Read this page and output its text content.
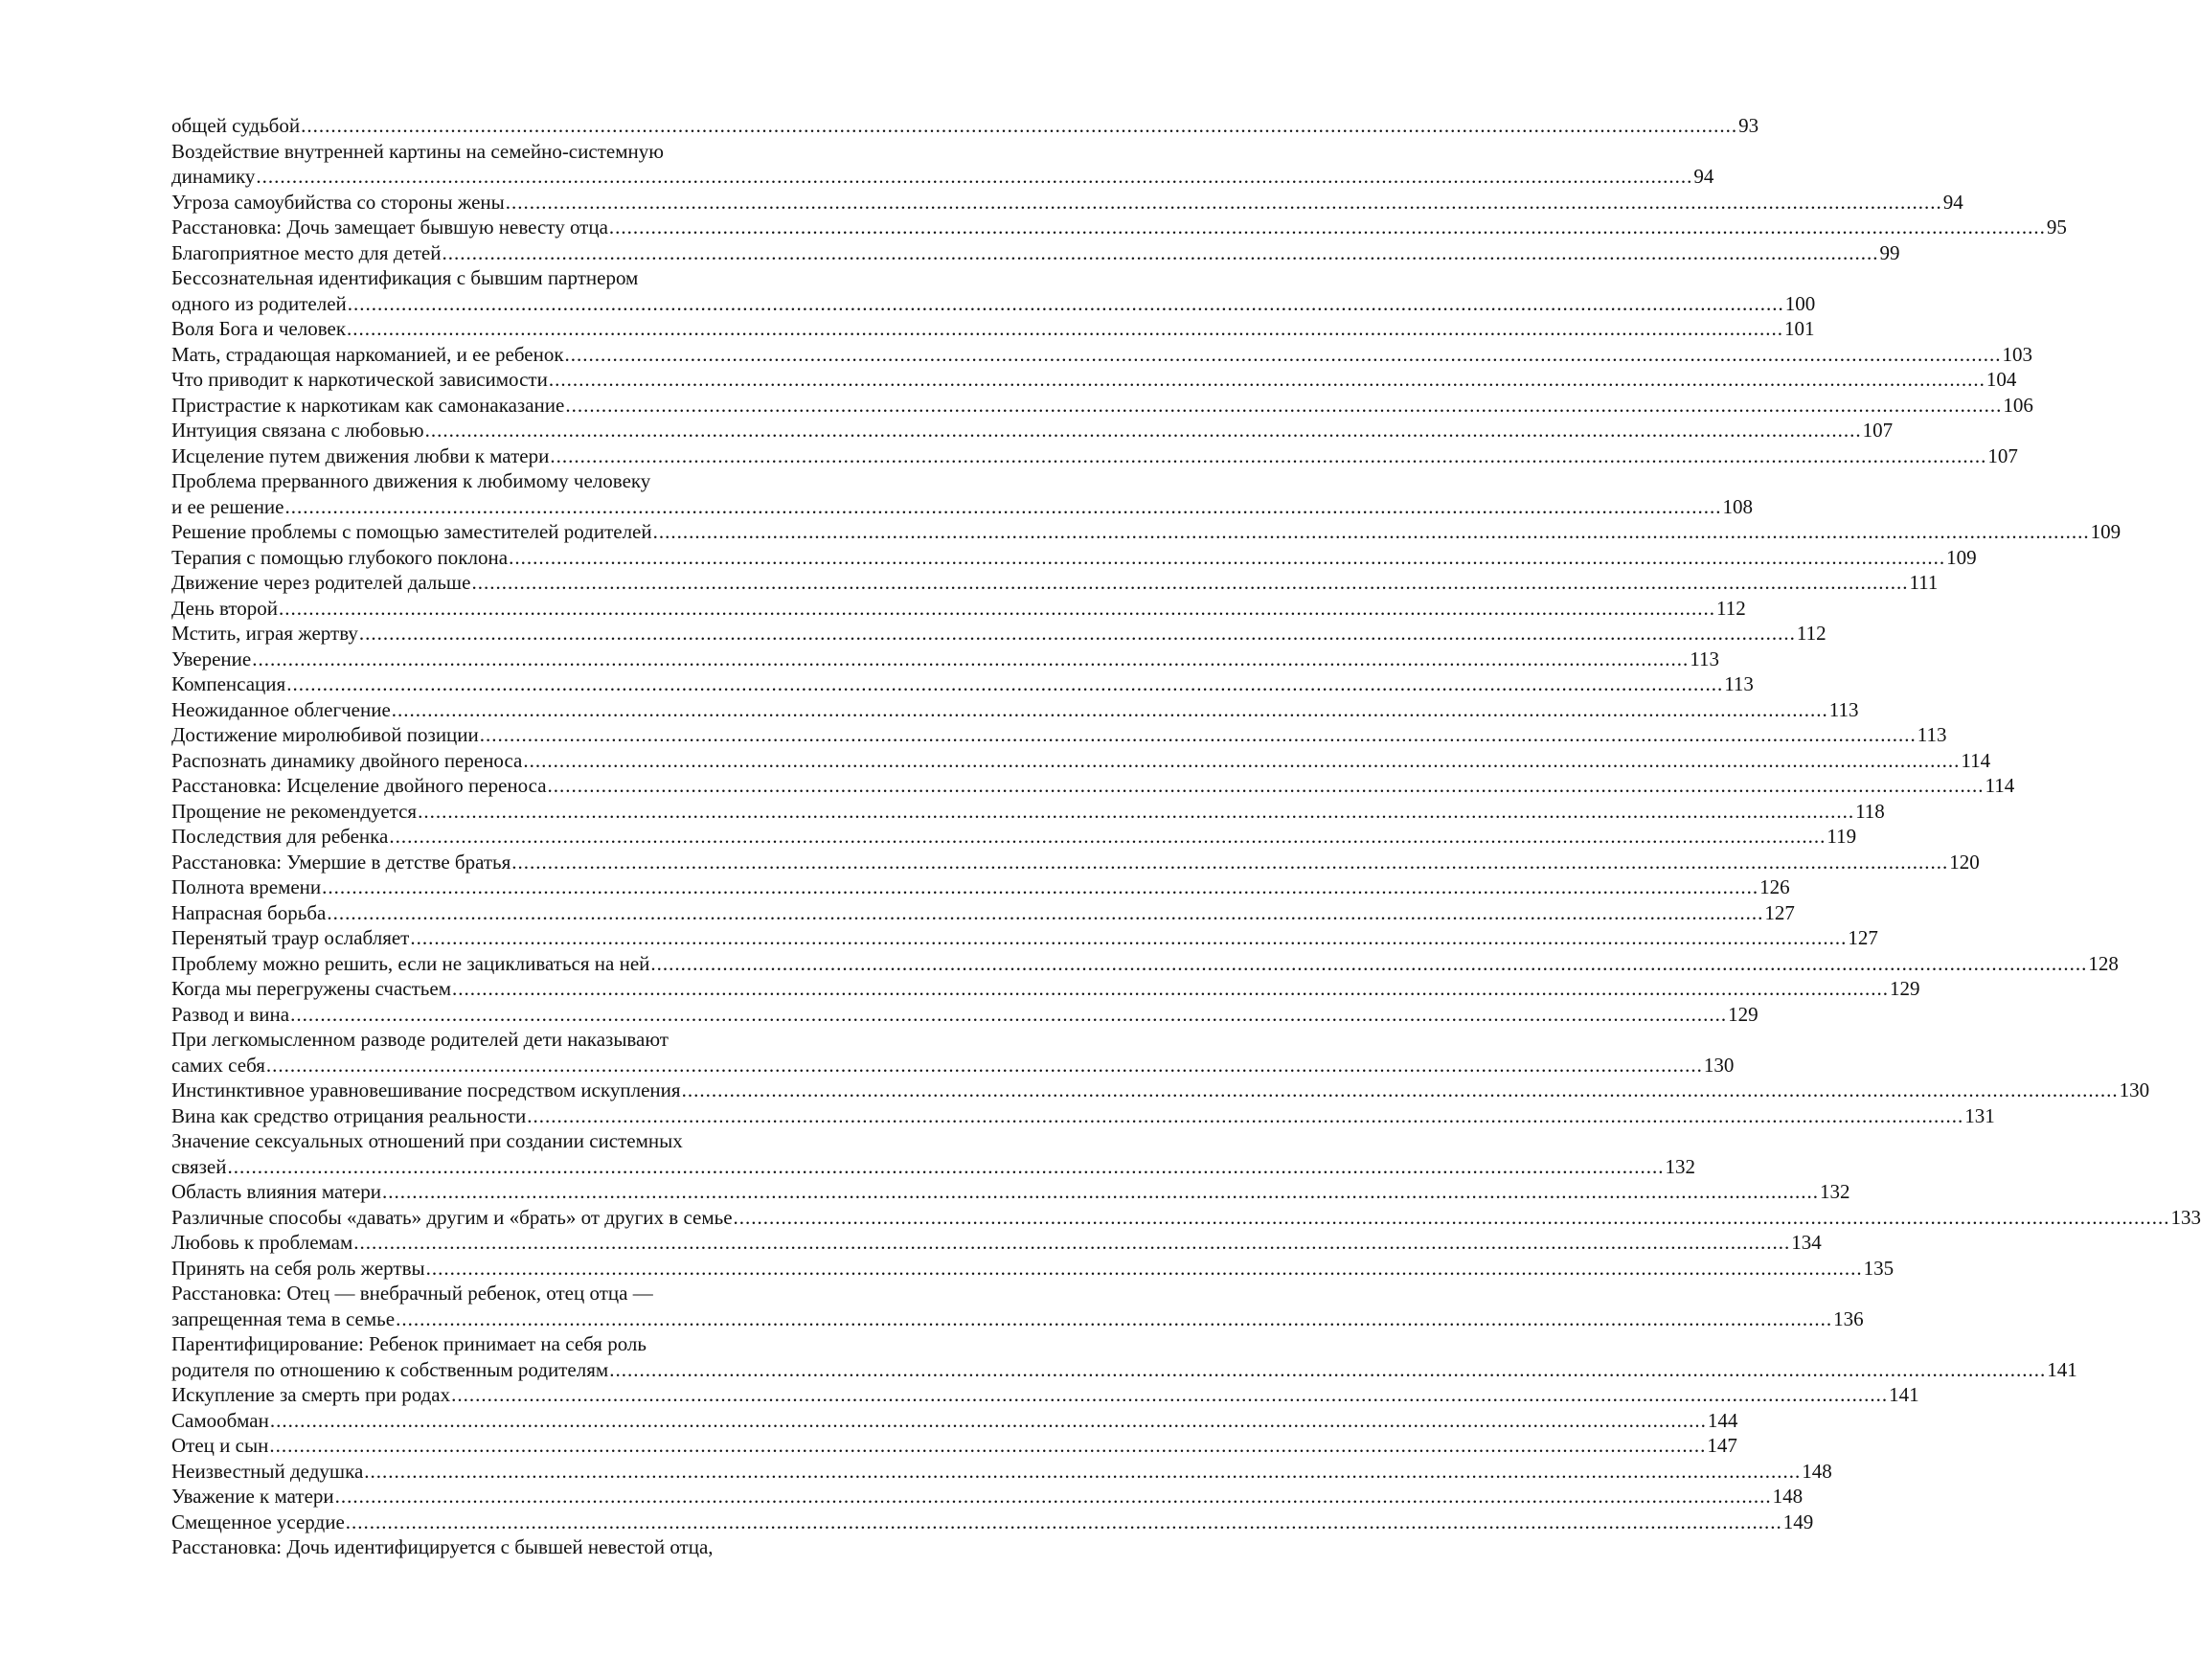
общей судьбой ................................................................................................................................................................................................................................................ 93
Воздействие внутренней картины на семейно-системную
динамику ................................................................................................................................................................................................................................................ 94
Угроза самоубийства со стороны жены ................................................................................................................................................................................................................................................ 94
Расстановка: Дочь замещает бывшую невесту отца ................................................................................................................................................................................................................................................ 95
Благоприятное место для детей ................................................................................................................................................................................................................................................ 99
Бессознательная идентификация с бывшим партнером
одного из родителей ................................................................................................................................................................................................................................................ 100
Воля Бога и человек ................................................................................................................................................................................................................................................ 101
Мать, страдающая наркоманией, и ее ребенок ................................................................................................................................................................................................................................................ 103
Что приводит к наркотической зависимости ................................................................................................................................................................................................................................................ 104
Пристрастие к наркотикам как самонаказание ................................................................................................................................................................................................................................................ 106
Интуиция связана с любовью ................................................................................................................................................................................................................................................ 107
Исцеление путем движения любви к матери ................................................................................................................................................................................................................................................ 107
Проблема прерванного движения к любимому человеку
и ее решение ................................................................................................................................................................................................................................................ 108
Решение проблемы с помощью заместителей родителей ................................................................................................................................................................................................................................................ 109
Терапия с помощью глубокого поклона ................................................................................................................................................................................................................................................ 109
Движение через родителей дальше ................................................................................................................................................................................................................................................ 111
День второй ................................................................................................................................................................................................................................................ 112
Мстить, играя жертву ................................................................................................................................................................................................................................................ 112
Уверение ................................................................................................................................................................................................................................................ 113
Компенсация ................................................................................................................................................................................................................................................ 113
Неожиданное облегчение ................................................................................................................................................................................................................................................ 113
Достижение миролюбивой позиции ................................................................................................................................................................................................................................................ 113
Распознать динамику двойного переноса ................................................................................................................................................................................................................................................ 114
Расстановка: Исцеление двойного переноса ................................................................................................................................................................................................................................................ 114
Прощение не рекомендуется ................................................................................................................................................................................................................................................ 118
Последствия для ребенка ................................................................................................................................................................................................................................................ 119
Расстановка: Умершие в детстве братья ................................................................................................................................................................................................................................................ 120
Полнота времени ................................................................................................................................................................................................................................................ 126
Напрасная борьба ................................................................................................................................................................................................................................................ 127
Перенятый траур ослабляет ................................................................................................................................................................................................................................................ 127
Проблему можно решить, если не зацикливаться на ней ................................................................................................................................................................................................................................................ 128
Когда мы перегружены счастьем ................................................................................................................................................................................................................................................ 129
Развод и вина ................................................................................................................................................................................................................................................ 129
При легкомысленном разводе родителей дети наказывают
самих себя ................................................................................................................................................................................................................................................ 130
Инстинктивное уравновешивание посредством искупления ................................................................................................................................................................................................................................................ 130
Вина как средство отрицания реальности ................................................................................................................................................................................................................................................ 131
Значение сексуальных отношений при создании системных
связей ................................................................................................................................................................................................................................................ 132
Область влияния матери ................................................................................................................................................................................................................................................ 132
Различные способы «давать» другим и «брать» от других в семье ................................................................................................................................................................................................................................................ 133
Любовь к проблемам ................................................................................................................................................................................................................................................ 134
Принять на себя роль жертвы ................................................................................................................................................................................................................................................ 135
Расстановка: Отец — внебрачный ребенок, отец отца —
запрещенная тема в семье ................................................................................................................................................................................................................................................ 136
Парентифицирование: Ребенок принимает на себя роль
родителя по отношению к собственным родителям ................................................................................................................................................................................................................................................ 141
Искупление за смерть при родах ................................................................................................................................................................................................................................................ 141
Самообман ................................................................................................................................................................................................................................................ 144
Отец и сын ................................................................................................................................................................................................................................................ 147
Неизвестный дедушка ................................................................................................................................................................................................................................................ 148
Уважение к матери ................................................................................................................................................................................................................................................ 148
Смещенное усердие ................................................................................................................................................................................................................................................ 149
Расстановка: Дочь идентифицируется с бывшей невестой отца,
